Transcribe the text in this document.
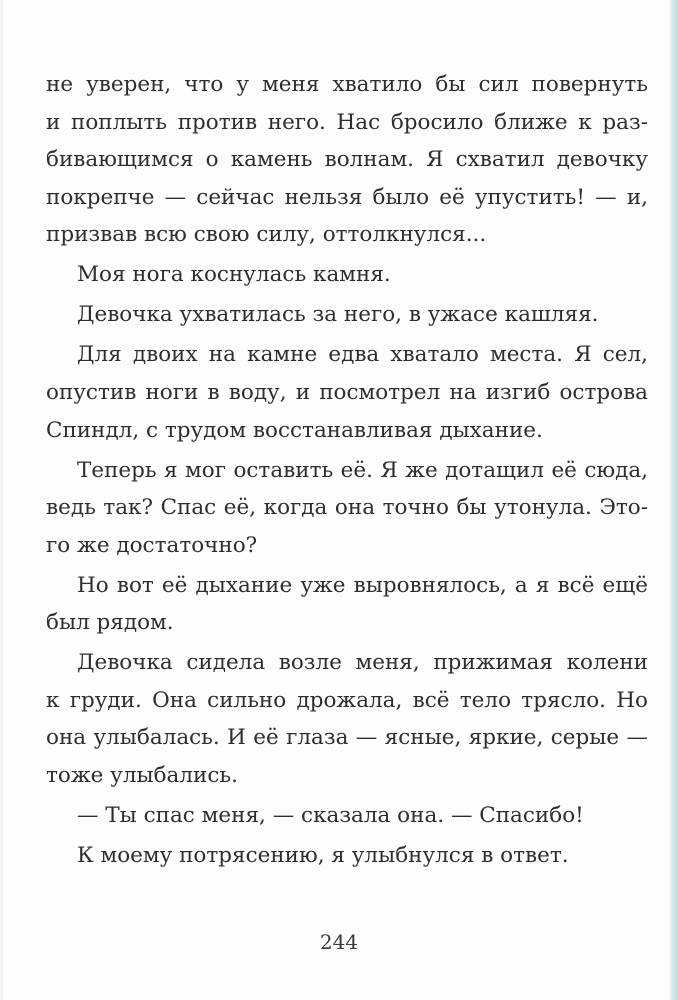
не уверен, что у меня хватило бы сил повернуть
и поплыть против него. Нас бросило ближе к раз-
бивающимся о камень волнам. Я схватил девочку
покрепче — сейчас нельзя было её упустить! — и,
призвав всю свою силу, оттолкнулся...
Моя нога коснулась камня.
Девочка ухватилась за него, в ужасе кашляя.
Для двоих на камне едва хватало места. Я сел,
опустив ноги в воду, и посмотрел на изгиб острова
Спиндл, с трудом восстанавливая дыхание.
Теперь я мог оставить её. Я же дотащил её сюда,
ведь так? Спас её, когда она точно бы утонула. Это-
го же достаточно?
Но вот её дыхание уже выровнялось, а я всё ещё
был рядом.
Девочка сидела возле меня, прижимая колени
к груди. Она сильно дрожала, всё тело трясло. Но
она улыбалась. И её глаза — ясные, яркие, серые —
тоже улыбались.
— Ты спас меня, — сказала она. — Спасибо!
К моему потрясению, я улыбнулся в ответ.
244
